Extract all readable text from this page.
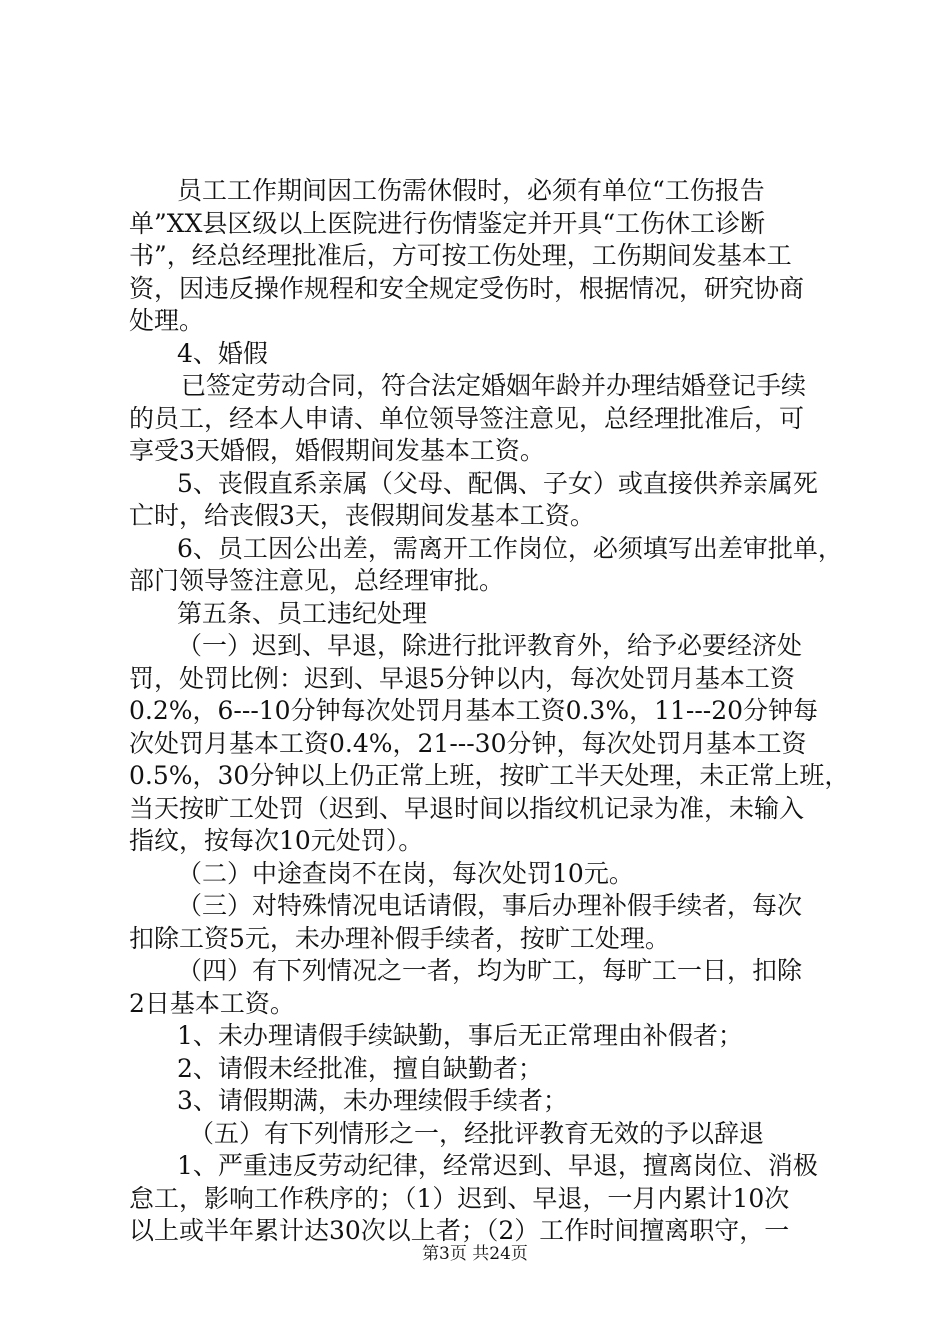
员工工作期间因工伤需休假时，必须有单位“工伤报告
单”XX县区级以上医院进行伤情鉴定并开具“工伤休工诊断
书”，经总经理批准后，方可按工伤处理，工伤期间发基本工
资，因违反操作规程和安全规定受伤时，根据情况，研究协商
处理。
4、婚假
已签定劳动合同，符合法定婚姻年龄并办理结婚登记手续
的员工，经本人申请、单位领导签注意见，总经理批准后，可
享受3天婚假，婚假期间发基本工资。
5、丧假直系亲属（父母、配偶、子女）或直接供养亲属死
亡时，给丧假3天，丧假期间发基本工资。
6、员工因公出差，需离开工作岗位，必须填写出差审批单，
部门领导签注意见，总经理审批。
第五条、员工违纪处理
（一）迟到、早退，除进行批评教育外，给予必要经济处
罚，处罚比例：迟到、早退5分钟以内，每次处罚月基本工资
0.2%，6---10分钟每次处罚月基本工资0.3%，11---20分钟每
次处罚月基本工资0.4%，21---30分钟，每次处罚月基本工资
0.5%，30分钟以上仍正常上班，按旷工半天处理，未正常上班，
当天按旷工处罚（迟到、早退时间以指纹机记录为准，未输入
指纹，按每次10元处罚）。
（二）中途查岗不在岗，每次处罚10元。
（三）对特殊情况电话请假，事后办理补假手续者，每次
扣除工资5元，未办理补假手续者，按旷工处理。
（四）有下列情况之一者，均为旷工，每旷工一日，扣除
2日基本工资。
1、未办理请假手续缺勤，事后无正常理由补假者；
2、请假未经批准，擅自缺勤者；
3、请假期满，未办理续假手续者；
（五）有下列情形之一，经批评教育无效的予以辞退
1、严重违反劳动纪律，经常迟到、早退，擅离岗位、消极
怠工，影响工作秩序的；（1）迟到、早退，一月内累计10次
以上或半年累计达30次以上者；（2）工作时间擅离职守，一
第3页 共24页
